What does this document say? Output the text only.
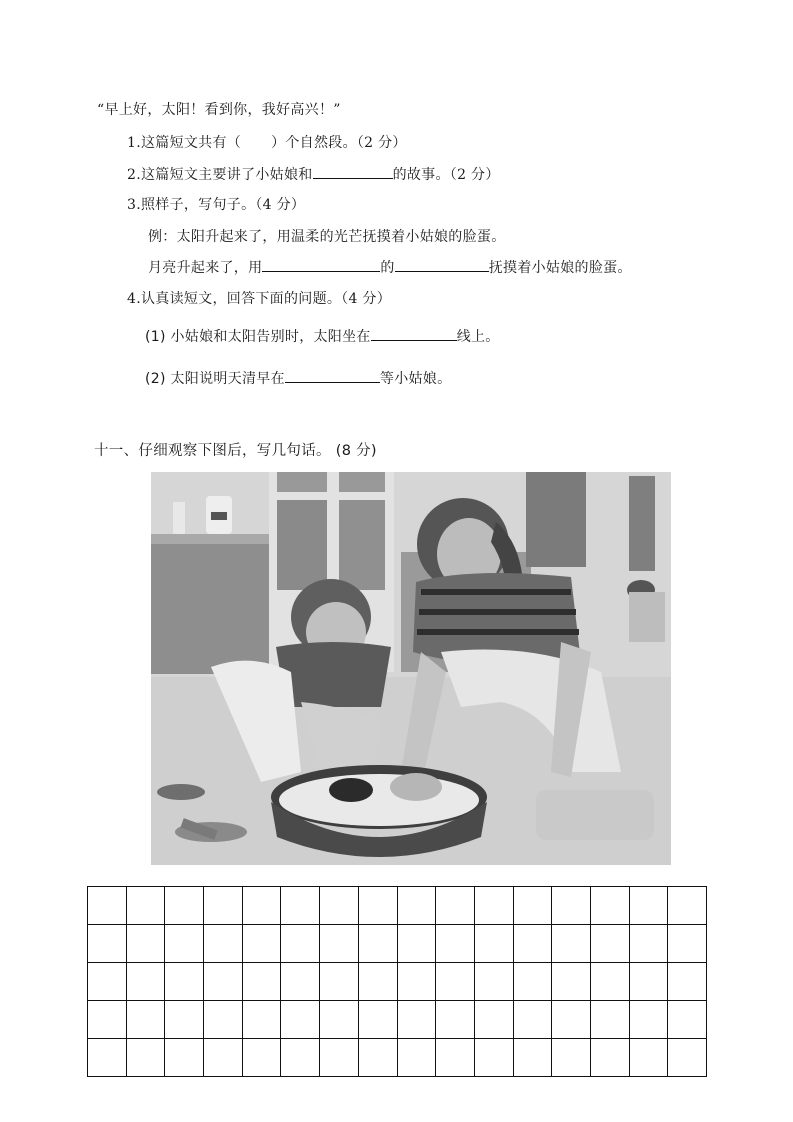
“早上好，太阳！看到你，我好高兴！”
1.这篇短文共有（ ）个自然段。（2 分）
2.这篇短文主要讲了小姑娘和	的故事。（2 分）
3.照样子，写句子。（4 分）
例：太阳升起来了，用温柔的光芒抚摸着小姑娘的脸蛋。
月亮升起来了，用	的	抚摸着小姑娘的脸蛋。
4.认真读短文，回答下面的问题。（4 分）
(1) 小姑娘和太阳告别时，太阳坐在	线上。
(2) 太阳说明天清早在	等小姑娘。
十一、仔细观察下图后，写几句话。 (8 分)
